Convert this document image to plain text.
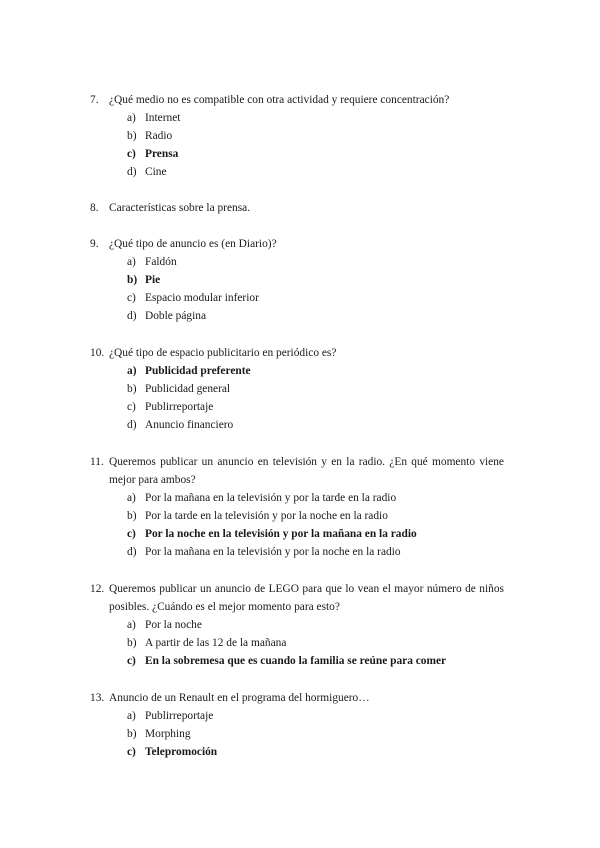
7. ¿Qué medio no es compatible con otra actividad y requiere concentración?
a) Internet
b) Radio
c) Prensa
d) Cine
8. Características sobre la prensa.
9. ¿Qué tipo de anuncio es (en Diario)?
a) Faldón
b) Pie
c) Espacio modular inferior
d) Doble página
10. ¿Qué tipo de espacio publicitario en periódico es?
a) Publicidad preferente
b) Publicidad general
c) Publirreportaje
d) Anuncio financiero
11. Queremos publicar un anuncio en televisión y en la radio. ¿En qué momento viene
mejor para ambos?
a) Por la mañana en la televisión y por la tarde en la radio
b) Por la tarde en la televisión y por la noche en la radio
c) Por la noche en la televisión y por la mañana en la radio
d) Por la mañana en la televisión y por la noche en la radio
12. Queremos publicar un anuncio de LEGO para que lo vean el mayor número de niños
posibles. ¿Cuándo es el mejor momento para esto?
a) Por la noche
b) A partir de las 12 de la mañana
c) En la sobremesa que es cuando la familia se reúne para comer
13. Anuncio de un Renault en el programa del hormiguero…
a) Publirreportaje
b) Morphing
c) Telepromoción
